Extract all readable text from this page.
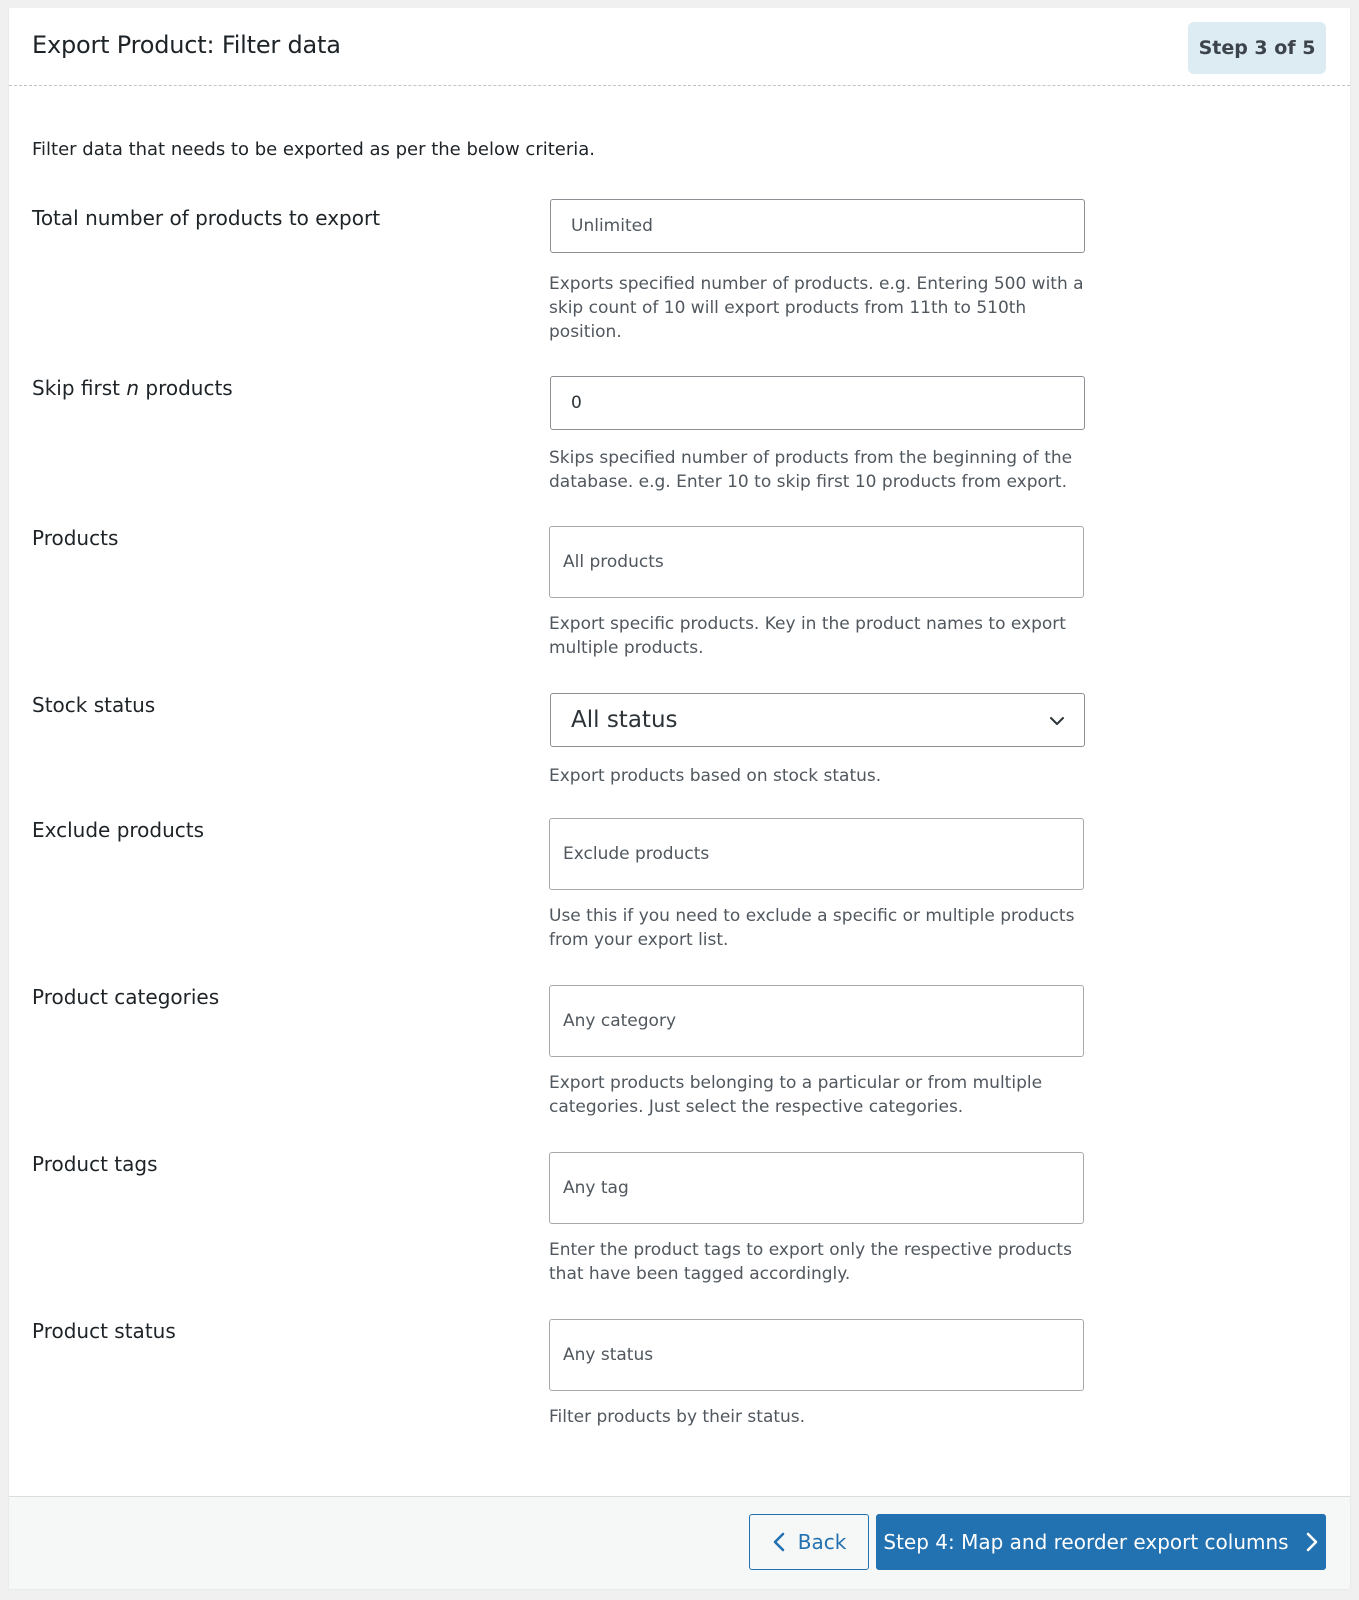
Export Product: Filter data	Step 3 of 5

Filter data that needs to be exported as per the below criteria.

Total number of products to export	Unlimited

Exports specified number of products. e.g. Entering 500 with a skip count of 10 will export products from 11th to 510th position.

Skip first n products
0

Skips specified number of products from the beginning of the database. e.g. Enter 10 to skip first 10 products from export.

Products
All products

Export specific products. Key in the product names to export multiple products.

Stock status
All status

Export products based on stock status.

Exclude products
Exclude products

Use this if you need to exclude a specific or multiple products from your export list.

Product categories
Any category

Export products belonging to a particular or from multiple categories. Just select the respective categories.

Product tags
Any tag

Enter the product tags to export only the respective products that have been tagged accordingly.

Product status
Any status

Filter products by their status.

Back Step 4: Map and reorder export columns
